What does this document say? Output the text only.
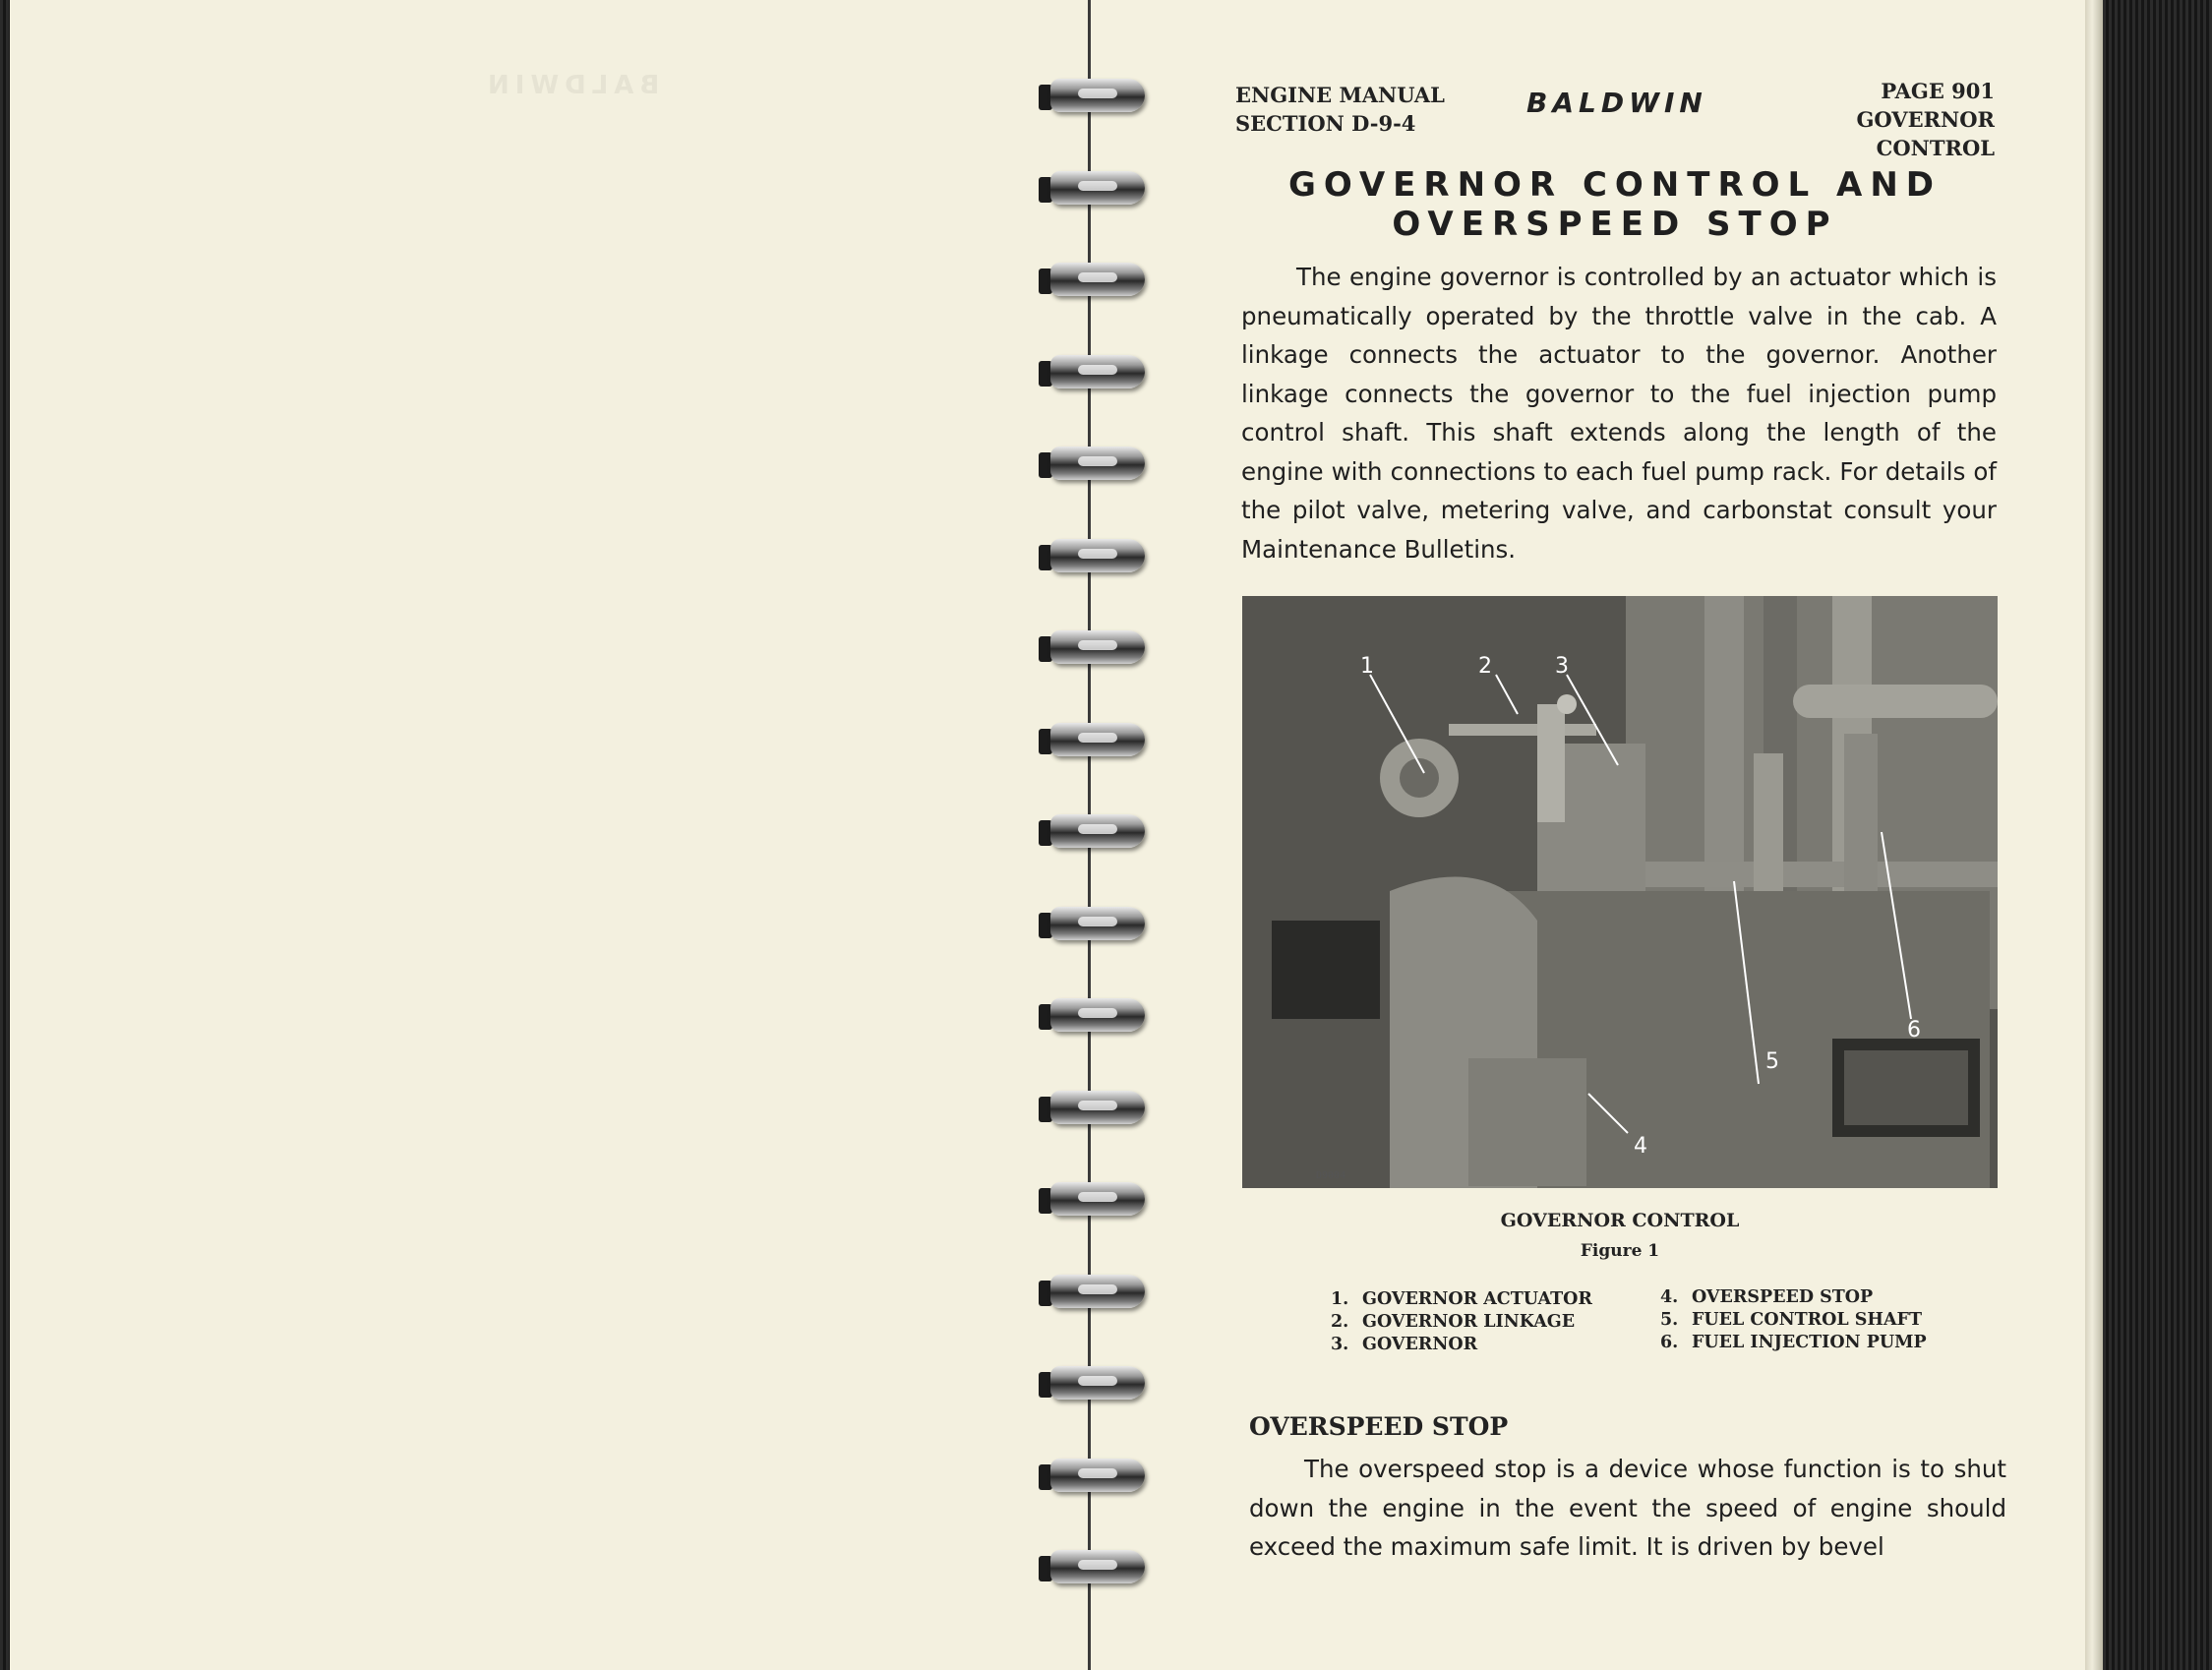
BALDWIN	ENGINE MANUAL
SECTION D-9-4
BALDWIN	PAGE 901
GOVERNOR CONTROL
GOVERNOR CONTROL AND
OVERSPEED STOP
The engine governor is controlled by an actuator which is pneumatically operated by the throttle valve in the cab. A linkage connects the actuator to the governor. Another linkage connects the governor to the fuel injection pump control shaft. This shaft extends along the length of the engine with connections to each fuel pump rack. For details of the pilot valve, metering valve, and carbonstat consult your Maintenance Bulletins.
1	2	3
4
5
6
D9004
GOVERNOR CONTROL
Figure 1
1. GOVERNOR ACTUATOR
2. GOVERNOR LINKAGE
3. GOVERNOR
4. OVERSPEED STOP
5. FUEL CONTROL SHAFT
6. FUEL INJECTION PUMP
OVERSPEED STOP
The overspeed stop is a device whose function is to shut down the engine in the event the speed of engine should exceed the maximum safe limit. It is driven by bevel
